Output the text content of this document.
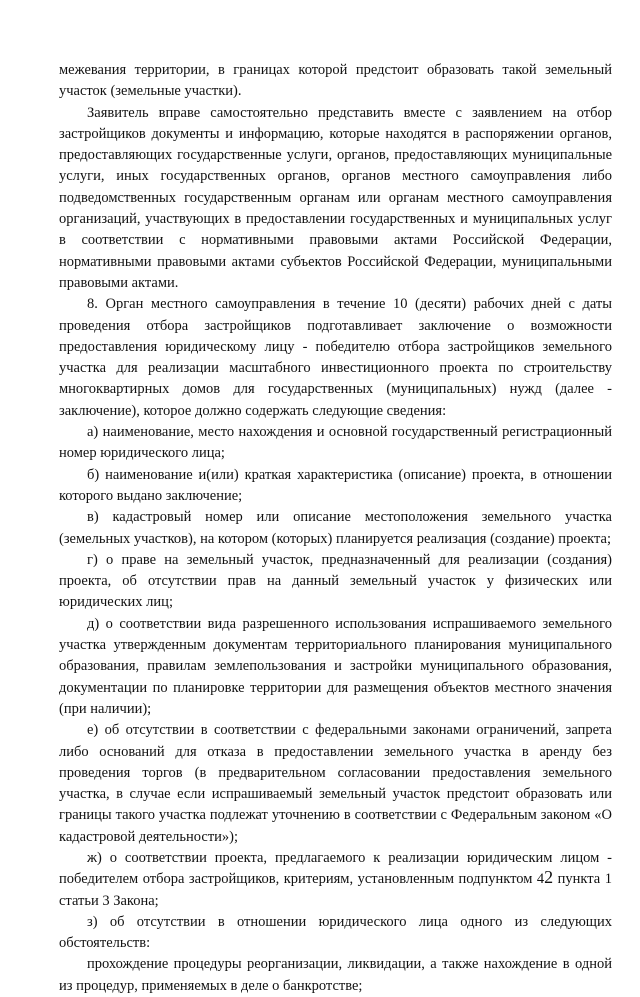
межевания территории, в границах которой предстоит образовать такой земельный участок (земельные участки).

Заявитель вправе самостоятельно представить вместе с заявлением на отбор застройщиков документы и информацию, которые находятся в распоряжении органов, предоставляющих государственные услуги, органов, предоставляющих муниципальные услуги, иных государственных органов, органов местного самоуправления либо подведомственных государственным органам или органам местного самоуправления организаций, участвующих в предоставлении государственных и муниципальных услуг в соответствии с нормативными правовыми актами Российской Федерации, нормативными правовыми актами субъектов Российской Федерации, муниципальными правовыми актами.

8. Орган местного самоуправления в течение 10 (десяти) рабочих дней с даты проведения отбора застройщиков подготавливает заключение о возможности предоставления юридическому лицу - победителю отбора застройщиков земельного участка для реализации масштабного инвестиционного проекта по строительству многоквартирных домов для государственных (муниципальных) нужд (далее - заключение), которое должно содержать следующие сведения:

а) наименование, место нахождения и основной государственный регистрационный номер юридического лица;

б) наименование и(или) краткая характеристика (описание) проекта, в отношении которого выдано заключение;

в) кадастровый номер или описание местоположения земельного участка (земельных участков), на котором (которых) планируется реализация (создание) проекта;

г) о праве на земельный участок, предназначенный для реализации (создания) проекта, об отсутствии прав на данный земельный участок у физических или юридических лиц;

д) о соответствии вида разрешенного использования испрашиваемого земельного участка утвержденным документам территориального планирования муниципального образования, правилам землепользования и застройки муниципального образования, документации по планировке территории для размещения объектов местного значения (при наличии);

е) об отсутствии в соответствии с федеральными законами ограничений, запрета либо оснований для отказа в предоставлении земельного участка в аренду без проведения торгов (в предварительном согласовании предоставления земельного участка, в случае если испрашиваемый земельный участок предстоит образовать или границы такого участка подлежат уточнению в соответствии с Федеральным законом «О кадастровой деятельности»);

ж) о соответствии проекта, предлагаемого к реализации юридическим лицом - победителем отбора застройщиков, критериям, установленным подпунктом 42 пункта 1 статьи 3 Закона;

з) об отсутствии в отношении юридического лица одного из следующих обстоятельств:

прохождение процедуры реорганизации, ликвидации, а также нахождение в одной из процедур, применяемых в деле о банкротстве;
